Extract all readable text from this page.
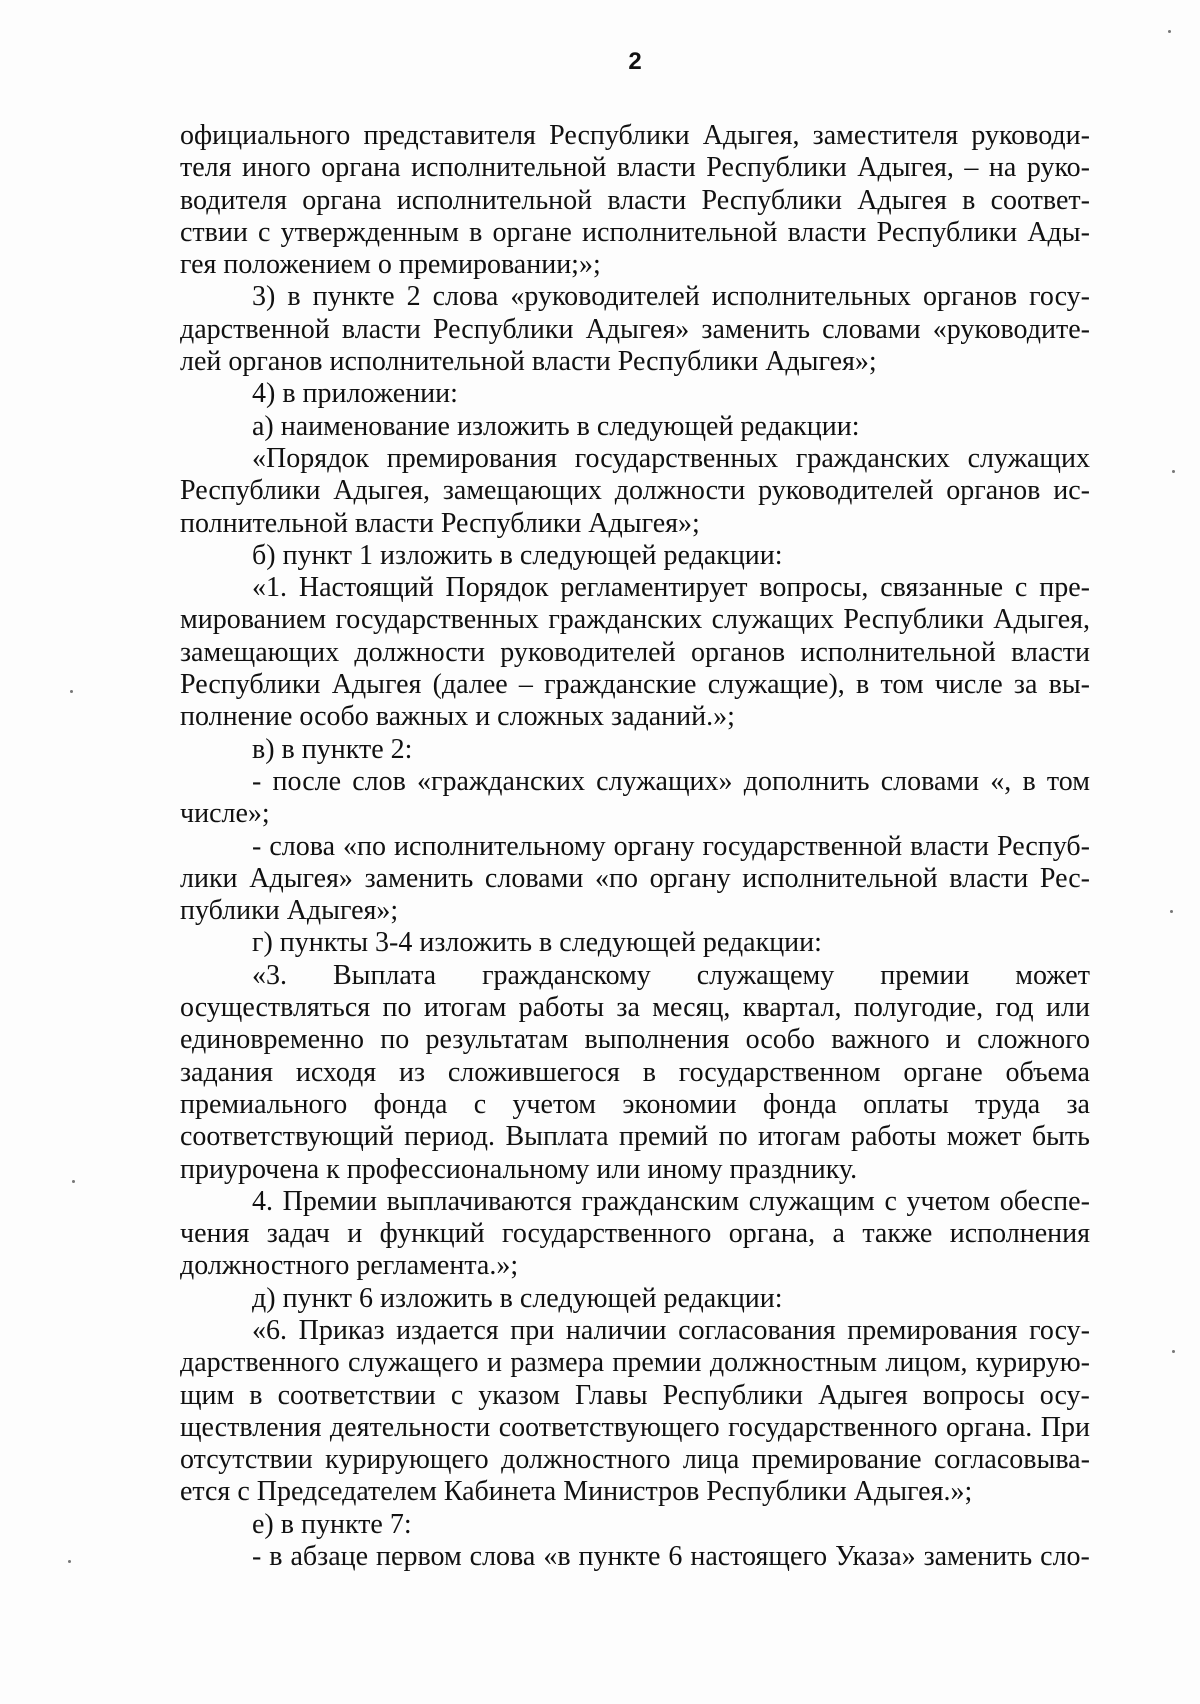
2
официального представителя Республики Адыгея, заместителя руководи-
теля иного органа исполнительной власти Республики Адыгея, – на руко-
водителя органа исполнительной власти Республики Адыгея в соответ-
ствии с утвержденным в органе исполнительной власти Республики Ады-
гея положением о премировании;»;
3) в пункте 2 слова «руководителей исполнительных органов госу-
дарственной власти Республики Адыгея» заменить словами «руководите-
лей органов исполнительной власти Республики Адыгея»;
4) в приложении:
а) наименование изложить в следующей редакции:
«Порядок премирования государственных гражданских служащих
Республики Адыгея, замещающих должности руководителей органов ис-
полнительной власти Республики Адыгея»;
б) пункт 1 изложить в следующей редакции:
«1. Настоящий Порядок регламентирует вопросы, связанные с пре-
мированием государственных гражданских служащих Республики Адыгея,
замещающих должности руководителей органов исполнительной власти
Республики Адыгея (далее – гражданские служащие), в том числе за вы-
полнение особо важных и сложных заданий.»;
в) в пункте 2:
- после слов «гражданских служащих» дополнить словами «, в том
числе»;
- слова «по исполнительному органу государственной власти Респуб-
лики Адыгея» заменить словами «по органу исполнительной власти Рес-
публики Адыгея»;
г) пункты 3-4 изложить в следующей редакции:
«3. Выплата гражданскому служащему премии может
осуществляться по итогам работы за месяц, квартал, полугодие, год или
единовременно по результатам выполнения особо важного и сложного
задания исходя из сложившегося в государственном органе объема
премиального фонда с учетом экономии фонда оплаты труда за
соответствующий период. Выплата премий по итогам работы может быть
приурочена к профессиональному или иному празднику.
4. Премии выплачиваются гражданским служащим с учетом обеспе-
чения задач и функций государственного органа, а также исполнения
должностного регламента.»;
д) пункт 6 изложить в следующей редакции:
«6. Приказ издается при наличии согласования премирования госу-
дарственного служащего и размера премии должностным лицом, курирую-
щим в соответствии с указом Главы Республики Адыгея вопросы осу-
ществления деятельности соответствующего государственного органа. При
отсутствии курирующего должностного лица премирование согласовыва-
ется с Председателем Кабинета Министров Республики Адыгея.»;
е) в пункте 7:
- в абзаце первом слова «в пункте 6 настоящего Указа» заменить сло-
